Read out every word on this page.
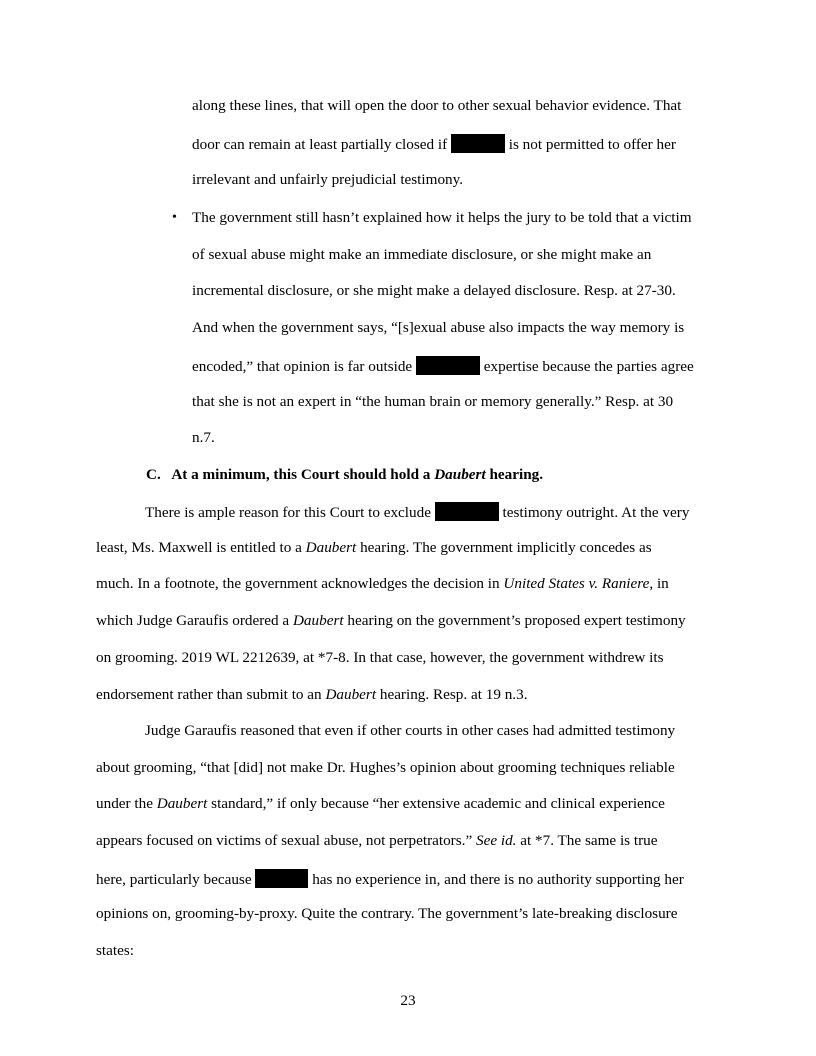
along these lines, that will open the door to other sexual behavior evidence. That
door can remain at least partially closed if	is not permitted to offer her
irrelevant and unfairly prejudicial testimony.
• The government still hasn’t explained how it helps the jury to be told that a victim
of sexual abuse might make an immediate disclosure, or she might make an
incremental disclosure, or she might make a delayed disclosure. Resp. at 27-30.
And when the government says, “[s]exual abuse also impacts the way memory is
encoded,” that opinion is far outside	expertise because the parties agree
that she is not an expert in “the human brain or memory generally.” Resp. at 30
n.7.
C.   At a minimum, this Court should hold a Daubert hearing.
There is ample reason for this Court to exclude	testimony outright. At the very
least, Ms. Maxwell is entitled to a Daubert hearing. The government implicitly concedes as
much. In a footnote, the government acknowledges the decision in United States v. Raniere, in
which Judge Garaufis ordered a Daubert hearing on the government’s proposed expert testimony
on grooming. 2019 WL 2212639, at *7-8. In that case, however, the government withdrew its
endorsement rather than submit to an Daubert hearing. Resp. at 19 n.3.
Judge Garaufis reasoned that even if other courts in other cases had admitted testimony
about grooming, “that [did] not make Dr. Hughes’s opinion about grooming techniques reliable
under the Daubert standard,” if only because “her extensive academic and clinical experience
appears focused on victims of sexual abuse, not perpetrators.” See id. at *7. The same is true
here, particularly because	has no experience in, and there is no authority supporting her
opinions on, grooming-by-proxy. Quite the contrary. The government’s late-breaking disclosure
states:
23
